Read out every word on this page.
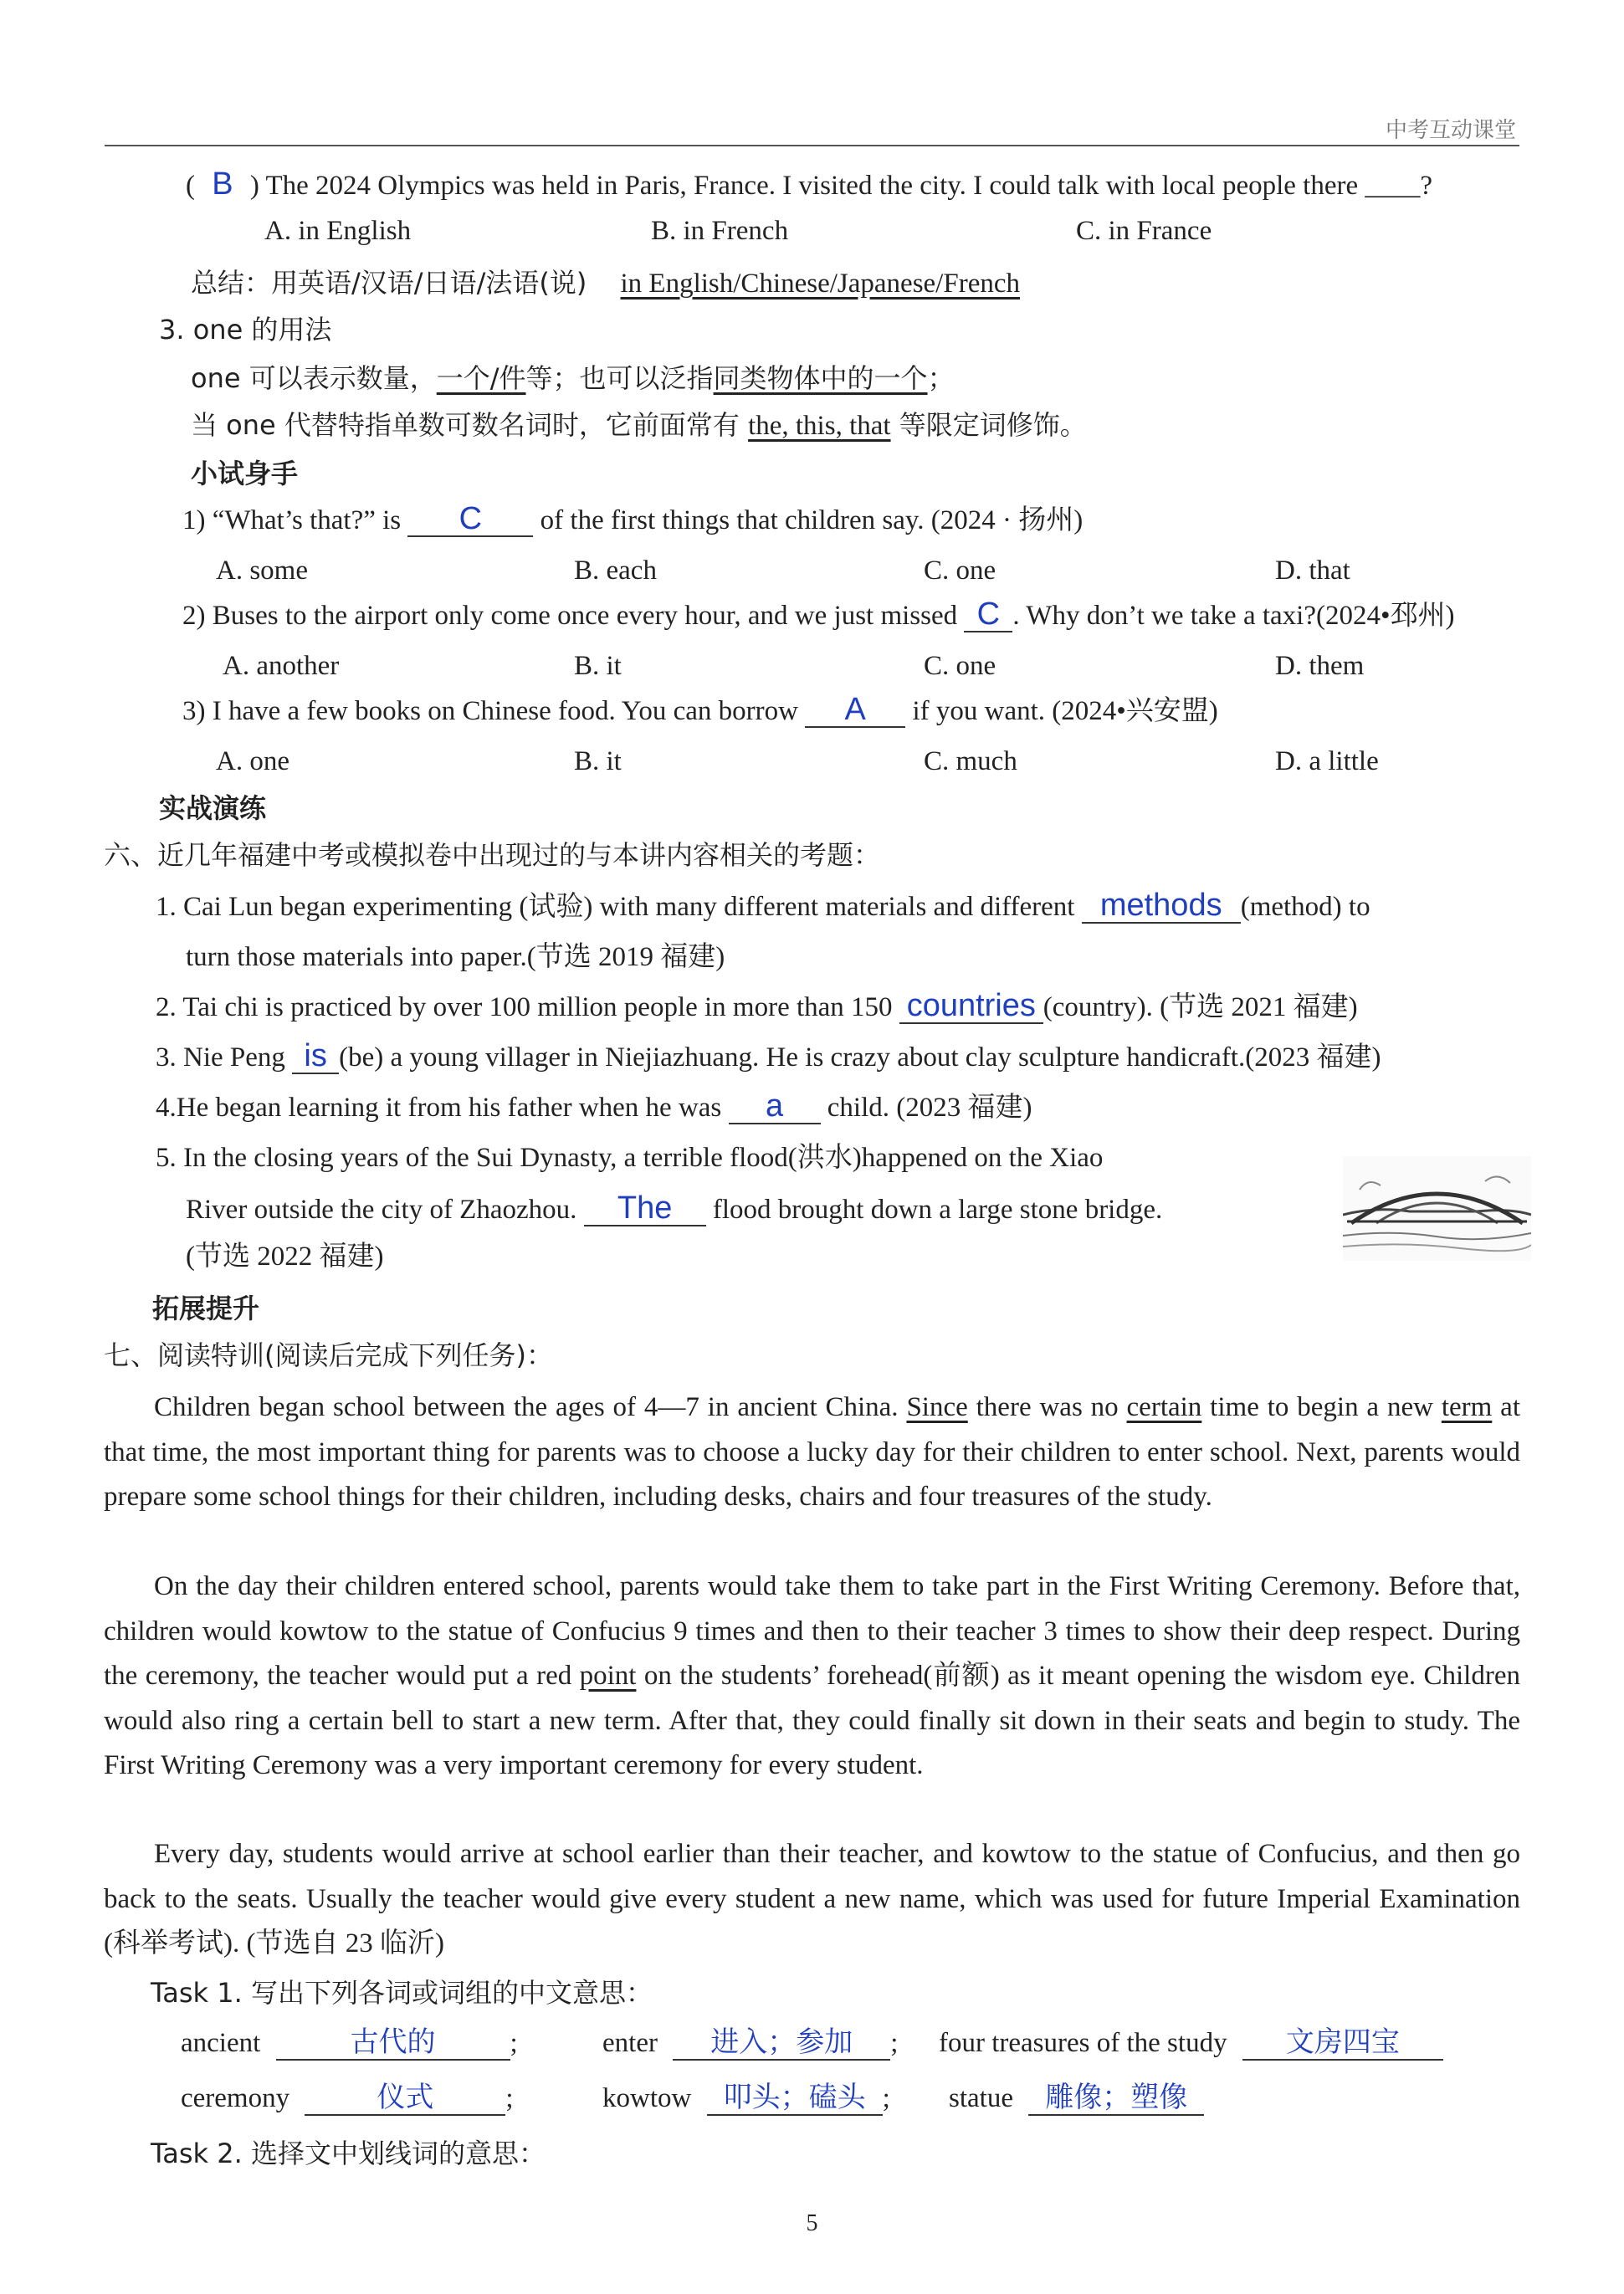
中考互动课堂
( B ) The 2024 Olympics was held in Paris, France. I visited the city. I could talk with local people there ____?
A. in English	B. in French	C. in France
总结：用英语/汉语/日语/法语(说) in English/Chinese/Japanese/French
3. one 的用法
one 可以表示数量，一个/件等；也可以泛指同类物体中的一个；
当 one 代替特指单数可数名词时，它前面常有 the, this, that 等限定词修饰。
小试身手
1) “What’s that?” is C of the first things that children say. (2024 · 扬州)
A. some	B. each	C. one	D. that
2) Buses to the airport only come once every hour, and we just missed C . Why don’t we take a taxi?(2024•邳州)
A. another	B. it	C. one	D. them
3) I have a few books on Chinese food. You can borrow A if you want. (2024•兴安盟)
A. one	B. it	C. much	D. a little
实战演练
六、近几年福建中考或模拟卷中出现过的与本讲内容相关的考题：
1. Cai Lun began experimenting (试验) with many different materials and different methods (method) to
turn those materials into paper.(节选 2019 福建)
2. Tai chi is practiced by over 100 million people in more than 150 countries (country). (节选 2021 福建)
3. Nie Peng is (be) a young villager in Niejiazhuang. He is crazy about clay sculpture handicraft.(2023 福建)
4.He began learning it from his father when he was a child. (2023 福建)
5. In the closing years of the Sui Dynasty, a terrible flood(洪水)happened on the Xiao
River outside the city of Zhaozhou. The flood brought down a large stone bridge.
(节选 2022 福建)
拓展提升
七、阅读特训(阅读后完成下列任务)：
Children began school between the ages of 4—7 in ancient China. Since there was no certain time to begin a new term at that time, the most important thing for parents was to choose a lucky day for their children to enter school. Next, parents would prepare some school things for their children, including desks, chairs and four treasures of the study.
On the day their children entered school, parents would take them to take part in the First Writing Ceremony. Before that, children would kowtow to the statue of Confucius 9 times and then to their teacher 3 times to show their deep respect. During the ceremony, the teacher would put a red point on the students’ forehead(前额) as it meant opening the wisdom eye. Children would also ring a certain bell to start a new term. After that, they could finally sit down in their seats and begin to study. The First Writing Ceremony was a very important ceremony for every student.
Every day, students would arrive at school earlier than their teacher, and kowtow to the statue of Confucius, and then go back to the seats. Usually the teacher would give every student a new name, which was used for future Imperial Examination (科举考试). (节选自 23 临沂)
Task 1. 写出下列各词或词组的中文意思：
ancient	古代的	;	enter 进入；参加 ; four treasures of the study 文房四宝
ceremony	仪式	;	kowtow 叩头；磕头 ; statue 雕像；塑像
Task 2. 选择文中划线词的意思：
5
